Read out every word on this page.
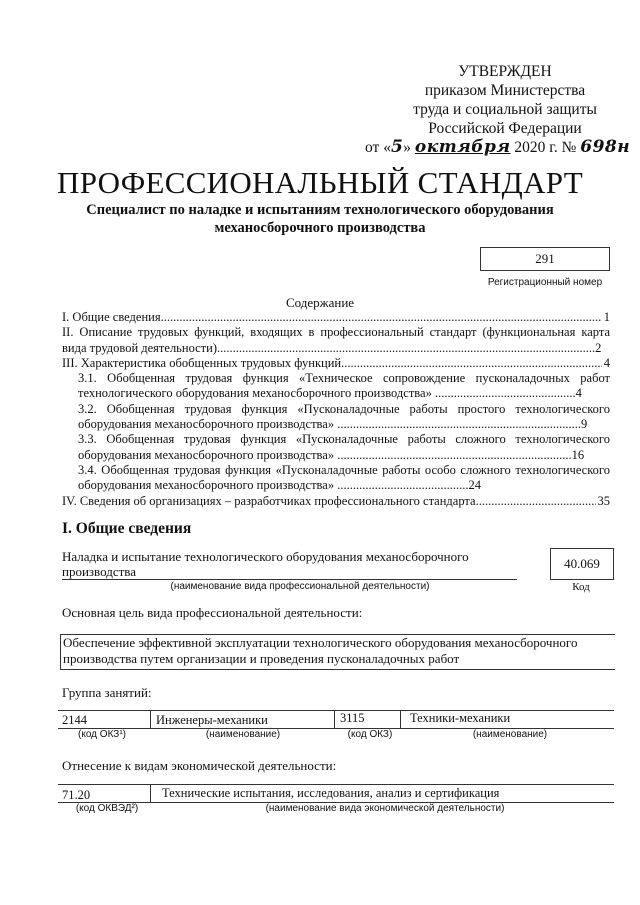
УТВЕРЖДЕН
приказом Министерства
труда и социальной защиты
Российской Федерации
от «5» октября 2020 г. № 698н
ПРОФЕССИОНАЛЬНЫЙ СТАНДАРТ
Специалист по наладке и испытаниям технологического оборудования
механосборочного производства
291
Регистрационный номер
Содержание
I. Общие сведения .....	1
II. Описание трудовых функций, входящих в профессиональный стандарт (функциональная карта вида трудовой деятельности).........................................................................................................................2
III. Характеристика обобщенных трудовых функций .....	4
3.1. Обобщенная трудовая функция «Техническое сопровождение пусконаладочных работ технологического оборудования механосборочного производства» .............................................4
3.2. Обобщенная трудовая функция «Пусконаладочные работы простого технологического оборудования механосборочного производства» ..............................................................................9
3.3. Обобщенная трудовая функция «Пусконаладочные работы сложного технологического оборудования механосборочного производства» ...........................................................................16
3.4. Обобщенная трудовая функция «Пусконаладочные работы особо сложного технологического оборудования механосборочного производства» ..........................................24
IV. Сведения об организациях – разработчиках профессионального стандарта .....	35
I. Общие сведения
Наладка и испытание технологического оборудования механосборочного производства
(наименование вида профессиональной деятельности)
40.069
Код
Основная цель вида профессиональной деятельности:
Обеспечение эффективной эксплуатации технологического оборудования механосборочного производства путем организации и проведения пусконаладочных работ
Группа занятий:
2144	Инженеры-механики	3115	Техники-механики
(код ОКЗ¹)	(наименование)	(код ОКЗ)	(наименование)
Отнесение к видам экономической деятельности:
71.20	Технические испытания, исследования, анализ и сертификация
(код ОКВЭД²)	(наименование вида экономической деятельности)
